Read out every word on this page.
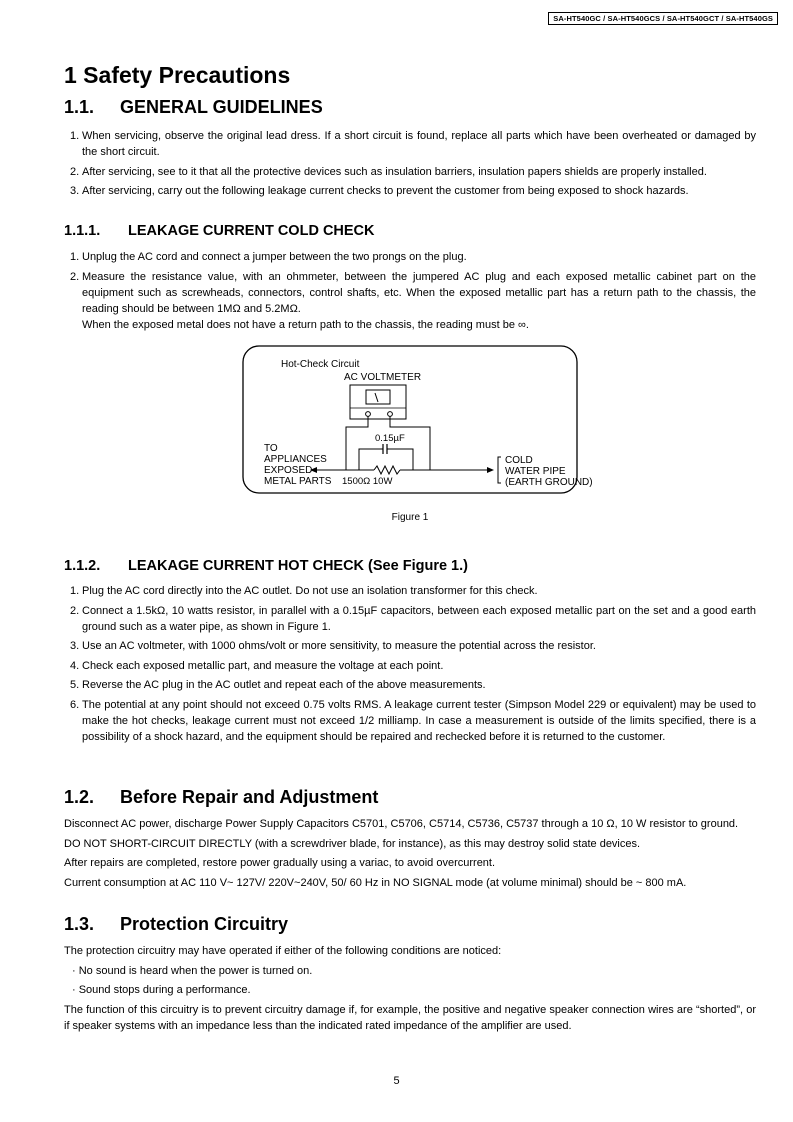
SA-HT540GC / SA-HT540GCS / SA-HT540GCT / SA-HT540GS
1 Safety Precautions
1.1. GENERAL GUIDELINES
1. When servicing, observe the original lead dress. If a short circuit is found, replace all parts which have been overheated or damaged by the short circuit.
2. After servicing, see to it that all the protective devices such as insulation barriers, insulation papers shields are properly installed.
3. After servicing, carry out the following leakage current checks to prevent the customer from being exposed to shock hazards.
1.1.1. LEAKAGE CURRENT COLD CHECK
1. Unplug the AC cord and connect a jumper between the two prongs on the plug.
2. Measure the resistance value, with an ohmmeter, between the jumpered AC plug and each exposed metallic cabinet part on the equipment such as screwheads, connectors, control shafts, etc. When the exposed metallic part has a return path to the chassis, the reading should be between 1MΩ and 5.2MΩ.
When the exposed metal does not have a return path to the chassis, the reading must be ∞.
Hot-Check Circuit
AC VOLTMETER
0.15µF
TO
APPLIANCES
EXPOSED
METAL PARTS 1500Ω 10W
COLD
WATER PIPE
(EARTH GROUND)
Figure 1
1.1.2. LEAKAGE CURRENT HOT CHECK (See Figure 1.)
1. Plug the AC cord directly into the AC outlet. Do not use an isolation transformer for this check.
2. Connect a 1.5kΩ, 10 watts resistor, in parallel with a 0.15µF capacitors, between each exposed metallic part on the set and a good earth ground such as a water pipe, as shown in Figure 1.
3. Use an AC voltmeter, with 1000 ohms/volt or more sensitivity, to measure the potential across the resistor.
4. Check each exposed metallic part, and measure the voltage at each point.
5. Reverse the AC plug in the AC outlet and repeat each of the above measurements.
6. The potential at any point should not exceed 0.75 volts RMS. A leakage current tester (Simpson Model 229 or equivalent) may be used to make the hot checks, leakage current must not exceed 1/2 milliamp. In case a measurement is outside of the limits specified, there is a possibility of a shock hazard, and the equipment should be repaired and rechecked before it is returned to the customer.
1.2. Before Repair and Adjustment

Disconnect AC power, discharge Power Supply Capacitors C5701, C5706, C5714, C5736, C5737 through a 10 Ω, 10 W resistor to ground.

DO NOT SHORT-CIRCUIT DIRECTLY (with a screwdriver blade, for instance), as this may destroy solid state devices.

After repairs are completed, restore power gradually using a variac, to avoid overcurrent.

Current consumption at AC 110 V~ 127V/ 220V~240V, 50/ 60 Hz in NO SIGNAL mode (at volume minimal) should be ~ 800 mA.

1.3. Protection Circuitry

The protection circuitry may have operated if either of the following conditions are noticed:

· No sound is heard when the power is turned on.

· Sound stops during a performance.

The function of this circuitry is to prevent circuitry damage if, for example, the positive and negative speaker connection wires are “shorted”, or if speaker systems with an impedance less than the indicated rated impedance of the amplifier are used.

5
